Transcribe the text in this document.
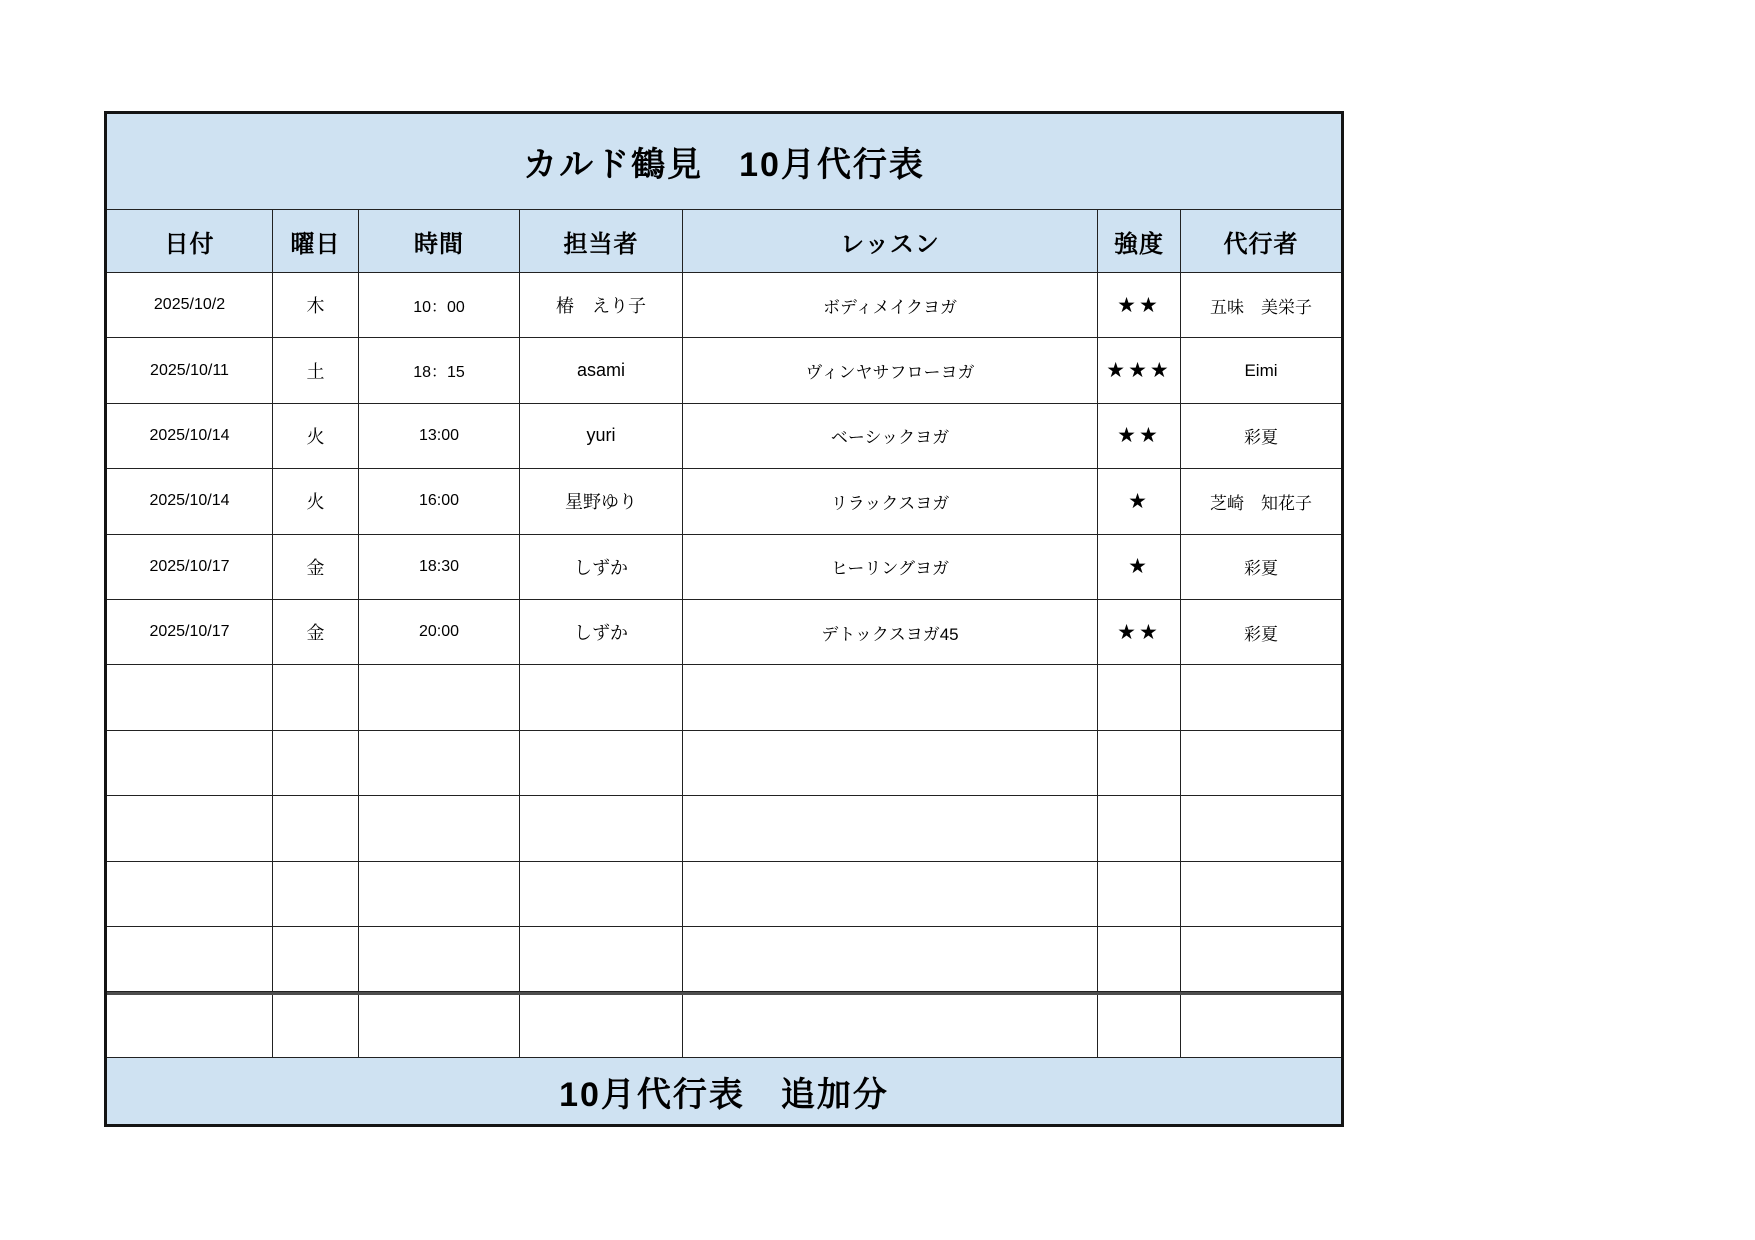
カルド鶴見　10月代行表
日付	曜日	時間	担当者	レッスン	強度	代行者
2025/10/2	木	10：00	椿　えり子	ボディメイクヨガ	★★	五味　美栄子
2025/10/11	土	18：15	asami	ヴィンヤサフローヨガ	★★★	Eimi
2025/10/14	火	13:00	yuri	ベーシックヨガ	★★	彩夏
2025/10/14	火	16:00	星野ゆり	リラックスヨガ	★	芝崎　知花子
2025/10/17	金	18:30	しずか	ヒーリングヨガ	★	彩夏
2025/10/17	金	20:00	しずか	デトックスヨガ45	★★	彩夏
10月代行表　追加分
